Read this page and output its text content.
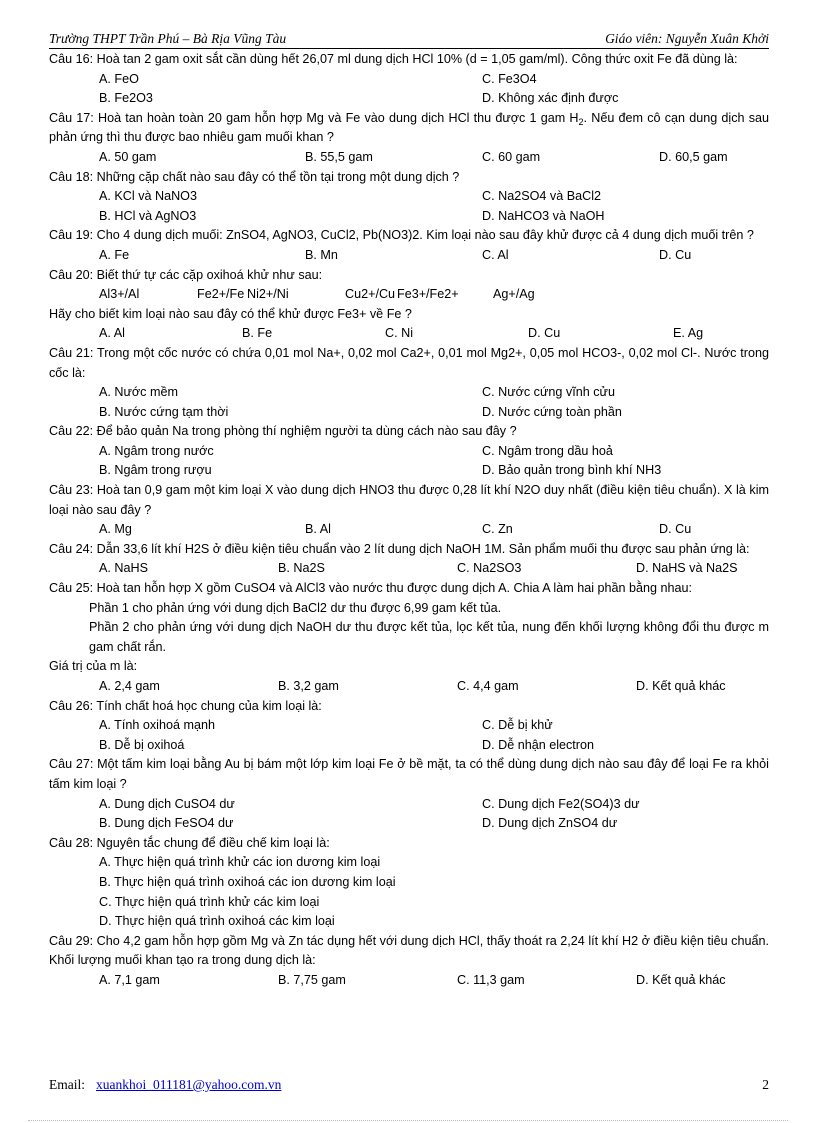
Trường THPT Trần Phú – Bà Rịa Vũng Tàu	Giáo viên: Nguyễn Xuân Khởi

Câu 16: Hoà tan 2 gam oxit sắt cần dùng hết 26,07 ml dung dịch HCl 10% (d = 1,05 gam/ml). Công thức oxit Fe đã dùng là:

A. FeO	C. Fe3O4
B. Fe2O3	D. Không xác định được

Câu 17: Hoà tan hoàn toàn 20 gam hỗn hợp Mg và Fe vào dung dịch HCl thu được 1 gam $H_2$. Nếu đem cô cạn dung dịch sau phản ứng thì thu được bao nhiêu gam muối khan ?

A. 50 gam	B. 55,5 gam	C. 60 gam	D. 60,5 gam

Câu 18: Những cặp chất nào sau đây có thể tồn tại trong một dung dịch ?

A. KCl và NaNO3	C. Na2SO4 và BaCl2
B. HCl và AgNO3	D. NaHCO3 và NaOH

Câu 19: Cho 4 dung dịch muối: ZnSO4, AgNO3, CuCl2, Pb(NO3)2. Kim loại nào sau đây khử được cả 4 dung dịch muối trên ?

A. Fe	B. Mn	C. Al	D. Cu

Câu 20: Biết thứ tự các cặp oxihoá khử như sau:

Al3+/Al	Fe2+/Fe Ni2+/Ni	Cu2+/Cu Fe3+/Fe2+	Ag+/Ag

Hãy cho biết kim loại nào sau đây có thể khử được Fe3+ về Fe ?

A. Al	B. Fe	C. Ni	D. Cu	E. Ag

Câu 21: Trong một cốc nước có chứa 0,01 mol Na+, 0,02 mol Ca2+, 0,01 mol Mg2+, 0,05 mol HCO3-, 0,02 mol Cl-. Nước trong cốc là:

A. Nước mềm	C. Nước cứng vĩnh cửu
B. Nước cứng tạm thời	D. Nước cứng toàn phần

Câu 22: Để bảo quản Na trong phòng thí nghiệm người ta dùng cách nào sau đây ?

A. Ngâm trong nước	C. Ngâm trong dầu hoả
B. Ngâm trong rượu	D. Bảo quản trong bình khí NH3

Câu 23: Hoà tan 0,9 gam một kim loại X vào dung dịch HNO3 thu được 0,28 lít khí N2O duy nhất (điều kiện tiêu chuẩn). X là kim loại nào sau đây ?

A. Mg	B. Al	C. Zn	D. Cu

Câu 24: Dẫn 33,6 lít khí H2S ở điều kiện tiêu chuẩn vào 2 lít dung dịch NaOH 1M. Sản phẩm muối thu được sau phản ứng là:

A. NaHS	B. Na2S	C. Na2SO3	D. NaHS và Na2S

Câu 25: Hoà tan hỗn hợp X gồm CuSO4 và AlCl3 vào nước thu được dung dịch A. Chia A làm hai phần bằng nhau:

Phần 1 cho phản ứng với dung dịch BaCl2 dư thu được 6,99 gam kết tủa.

Phần 2 cho phản ứng với dung dịch NaOH dư thu được kết tủa, lọc kết tủa, nung đến khối lượng không đổi thu được m gam chất rắn.

Giá trị của m là:

A. 2,4 gam	B. 3,2 gam	C. 4,4 gam	D. Kết quả khác

Câu 26: Tính chất hoá học chung của kim loại là:

A. Tính oxihoá mạnh	C. Dễ bị khử
B. Dễ bị oxihoá	D. Dễ nhận electron

Câu 27: Một tấm kim loại bằng Au bị bám một lớp kim loại Fe ở bề mặt, ta có thể dùng dung dịch nào sau đây để loại Fe ra khỏi tấm kim loại ?

A. Dung dịch CuSO4 dư	C. Dung dịch Fe2(SO4)3 dư
B. Dung dịch FeSO4 dư	D. Dung dịch ZnSO4 dư

Câu 28: Nguyên tắc chung để điều chế kim loại là:

A. Thực hiện quá trình khử các ion dương kim loại
B. Thực hiện quá trình oxihoá các ion dương kim loại
C. Thực hiện quá trình khử các kim loại
D. Thực hiện quá trình oxihoá các kim loại

Câu 29: Cho 4,2 gam hỗn hợp gồm Mg và Zn tác dụng hết với dung dịch HCl, thấy thoát ra 2,24 lít khí H2 ở điều kiện tiêu chuẩn. Khối lượng muối khan tạo ra trong dung dịch là:

A. 7,1 gam	B. 7,75 gam	C. 11,3 gam	D. Kết quả khác
Email: xuankhoi_011181@yahoo.com.vn	2
